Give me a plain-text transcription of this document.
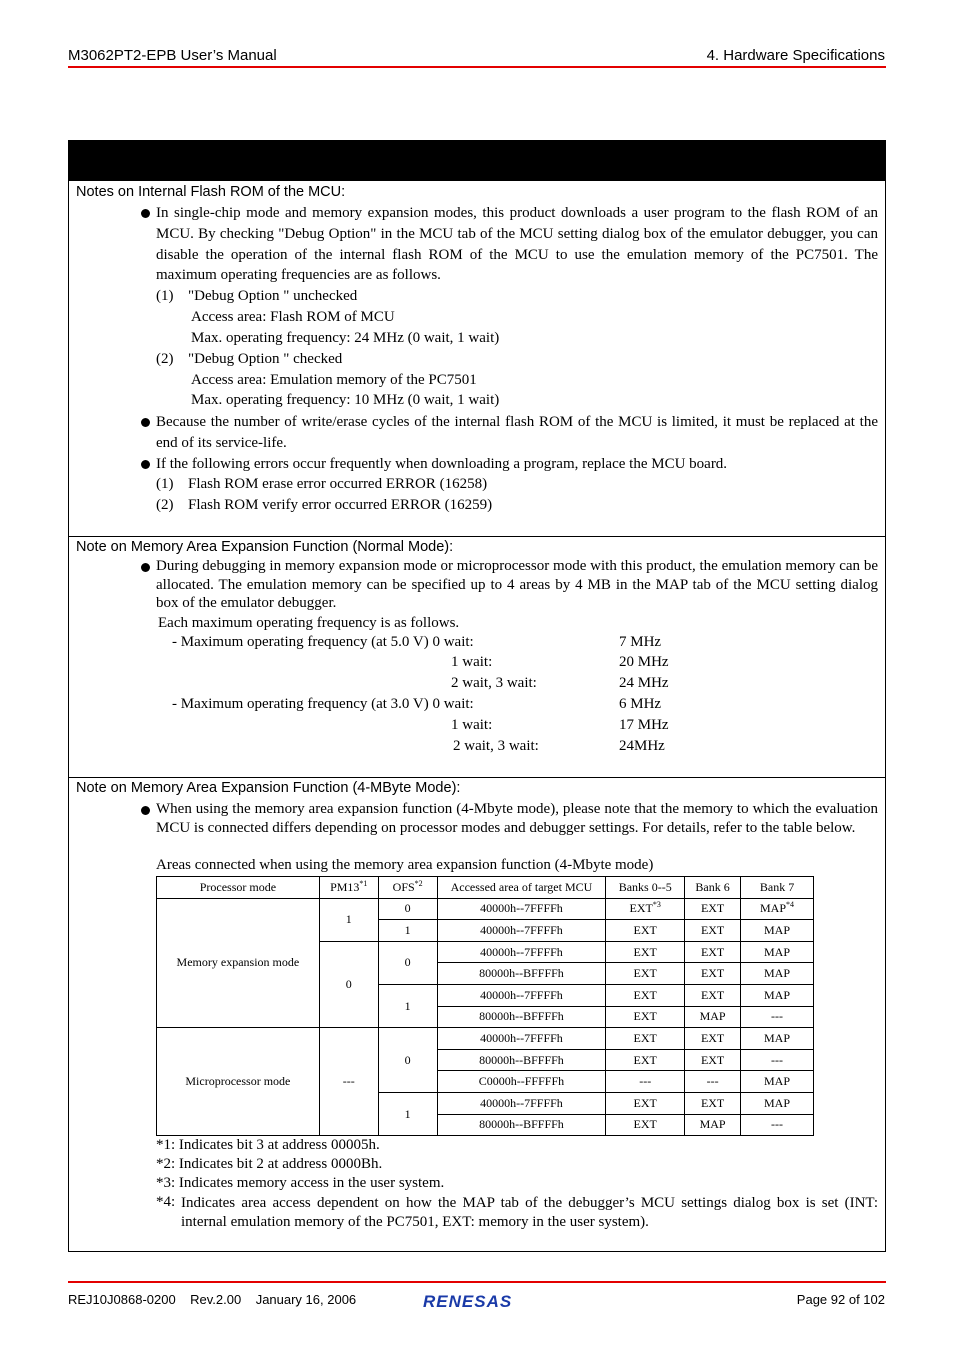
M3062PT2-EPB User’s Manual	4. Hardware Specifications
Notes on Internal Flash ROM of the MCU:
In single-chip mode and memory expansion modes, this product downloads a user program to the flash ROM of an MCU. By checking "Debug Option" in the MCU tab of the MCU setting dialog box of the emulator debugger, you can disable the operation of the internal flash ROM of the MCU to use the emulation memory of the PC7501. The maximum operating frequencies are as follows.
(1) "Debug Option " unchecked
Access area: Flash ROM of MCU
Max. operating frequency: 24 MHz (0 wait, 1 wait)
(2) "Debug Option " checked
Access area: Emulation memory of the PC7501
Max. operating frequency: 10 MHz (0 wait, 1 wait)
Because the number of write/erase cycles of the internal flash ROM of the MCU is limited, it must be replaced at the end of its service-life.
If the following errors occur frequently when downloading a program, replace the MCU board.
(1) Flash ROM erase error occurred ERROR (16258)
(2) Flash ROM verify error occurred ERROR (16259)
Note on Memory Area Expansion Function (Normal Mode):
During debugging in memory expansion mode or microprocessor mode with this product, the emulation memory can be allocated. The emulation memory can be specified up to 4 areas by 4 MB in the MAP tab of the MCU setting dialog box of the emulator debugger.
Each maximum operating frequency is as follows.
- Maximum operating frequency (at 5.0 V) 0 wait:	7 MHz
1 wait:	20 MHz
2 wait, 3 wait:	24 MHz
- Maximum operating frequency (at 3.0 V) 0 wait:	6 MHz
1 wait:	17 MHz
2 wait, 3 wait:	24MHz
Note on Memory Area Expansion Function (4-MByte Mode):
When using the memory area expansion function (4-Mbyte mode), please note that the memory to which the evaluation MCU is connected differs depending on processor modes and debugger settings. For details, refer to the table below.
Areas connected when using the memory area expansion function (4-Mbyte mode)
Processor mode	PM13$^{*1}$	OFS$^{*2}$	Accessed area of target MCU	Banks 0--5	Bank 6	Bank 7
Memory expansion mode	1	0	40000h--7FFFFh	EXT$^{*3}$	EXT	MAP$^{*4}$
		1	40000h--7FFFFh	EXT	EXT	MAP
	0	0	40000h--7FFFFh	EXT	EXT	MAP
			80000h--BFFFFh	EXT	EXT	MAP
		1	40000h--7FFFFh	EXT	EXT	MAP
			80000h--BFFFFh	EXT	MAP	---
Microprocessor mode	---	0	40000h--7FFFFh	EXT	EXT	MAP
			80000h--BFFFFh	EXT	EXT	---
			C0000h--FFFFFh	---	---	MAP
		1	40000h--7FFFFh	EXT	EXT	MAP
			80000h--BFFFFh	EXT	MAP	---
*1: Indicates bit 3 at address 00005h.
*2: Indicates bit 2 at address 0000Bh.
*3: Indicates memory access in the user system.
*4: Indicates area access dependent on how the MAP tab of the debugger’s MCU settings dialog box is set (INT: internal emulation memory of the PC7501, EXT: memory in the user system).
REJ10J0868-0200 Rev.2.00 January 16, 2006	RENESAS	Page 92 of 102
